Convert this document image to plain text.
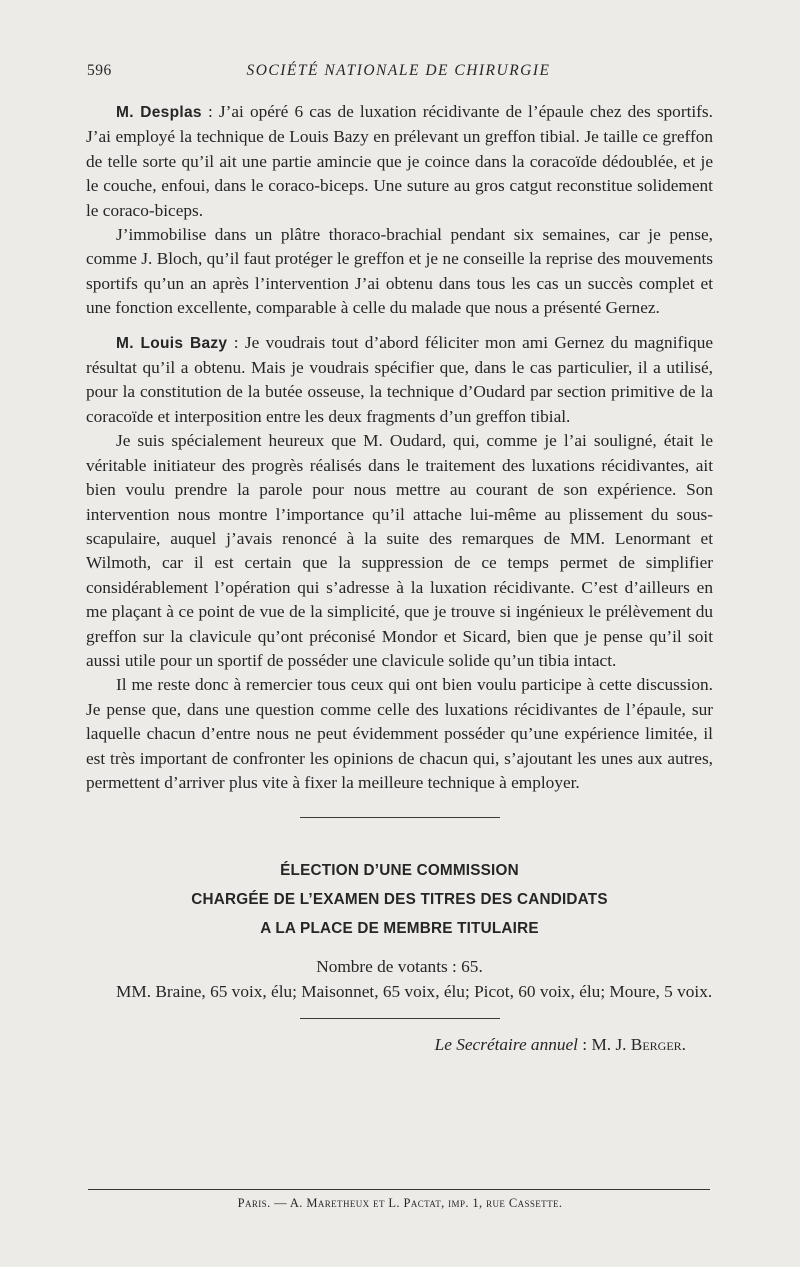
596	SOCIÉTÉ NATIONALE DE CHIRURGIE

M. Desplas : J’ai opéré 6 cas de luxation récidivante de l’épaule chez des sportifs. J’ai employé la technique de Louis Bazy en prélevant un greffon tibial. Je taille ce greffon de telle sorte qu’il ait une partie amincie que je coince dans la coracoïde dédoublée, et je le couche, enfoui, dans le coraco-biceps. Une suture au gros catgut reconstitue solidement le coraco-biceps.

J’immobilise dans un plâtre thoraco-brachial pendant six semaines, car je pense, comme J. Bloch, qu’il faut protéger le greffon et je ne conseille la reprise des mouvements sportifs qu’un an après l’intervention J’ai obtenu dans tous les cas un succès complet et une fonction excellente, comparable à celle du malade que nous a présenté Gernez.

M. Louis Bazy : Je voudrais tout d’abord féliciter mon ami Gernez du magnifique résultat qu’il a obtenu. Mais je voudrais spécifier que, dans le cas particulier, il a utilisé, pour la constitution de la butée osseuse, la technique d’Oudard par section primitive de la coracoïde et interposition entre les deux fragments d’un greffon tibial.

Je suis spécialement heureux que M. Oudard, qui, comme je l’ai souligné, était le véritable initiateur des progrès réalisés dans le traitement des luxations récidivantes, ait bien voulu prendre la parole pour nous mettre au courant de son expérience. Son intervention nous montre l’importance qu’il attache lui-même au plissement du sous-scapulaire, auquel j’avais renoncé à la suite des remarques de MM. Lenormant et Wilmoth, car il est certain que la suppression de ce temps permet de simplifier considérablement l’opération qui s’adresse à la luxation récidivante. C’est d’ailleurs en me plaçant à ce point de vue de la simplicité, que je trouve si ingénieux le prélèvement du greffon sur la clavicule qu’ont préconisé Mondor et Sicard, bien que je pense qu’il soit aussi utile pour un sportif de posséder une clavicule solide qu’un tibia intact.

Il me reste donc à remercier tous ceux qui ont bien voulu participe à cette discussion. Je pense que, dans une question comme celle des luxations récidivantes de l’épaule, sur laquelle chacun d’entre nous ne peut évidemment posséder qu’une expérience limitée, il est très important de confronter les opinions de chacun qui, s’ajoutant les unes aux autres, permettent d’arriver plus vite à fixer la meilleure technique à employer.

ÉLECTION D’UNE COMMISSION
CHARGÉE DE L’EXAMEN DES TITRES DES CANDIDATS
A LA PLACE DE MEMBRE TITULAIRE
Nombre de votants : 65.

MM. Braine, 65 voix, élu; Maisonnet, 65 voix, élu; Picot, 60 voix, élu; Moure, 5 voix.

Le Secrétaire annuel : M. J. Berger.
Paris. — A. Maretheux et L. Pactat, imp. 1, rue Cassette.
